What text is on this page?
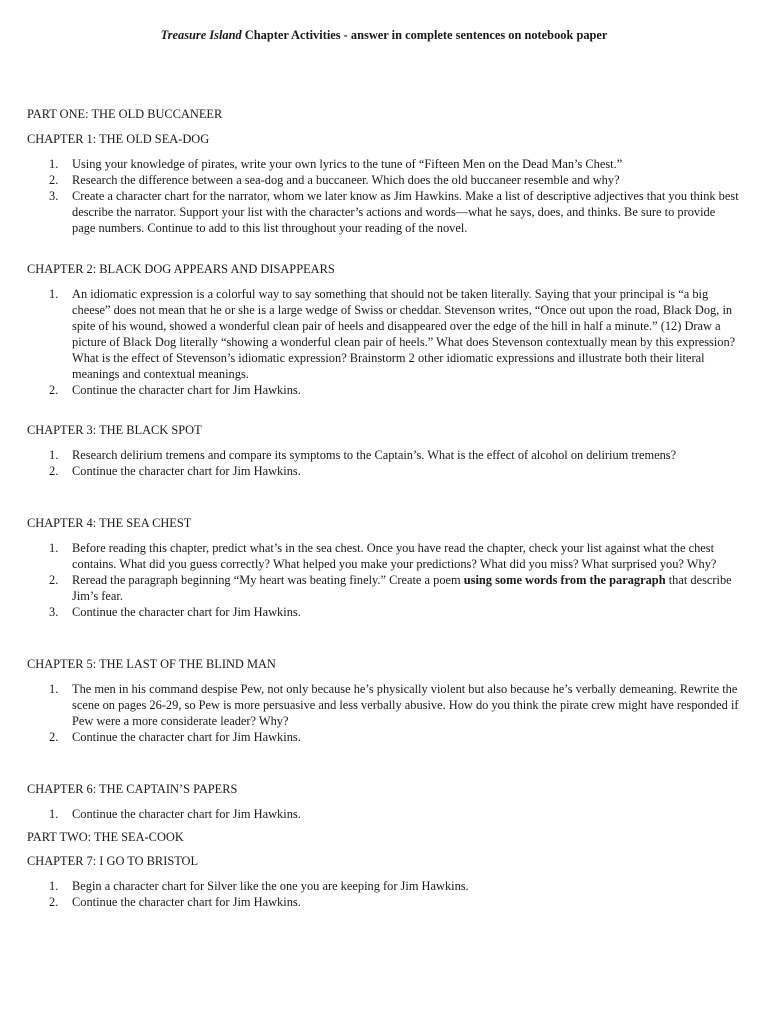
Treasure Island Chapter Activities - answer in complete sentences on notebook paper

PART ONE: THE OLD BUCCANEER

CHAPTER 1: THE OLD SEA-DOG

1. Using your knowledge of pirates, write your own lyrics to the tune of “Fifteen Men on the Dead Man’s Chest.”
2. Research the difference between a sea-dog and a buccaneer. Which does the old buccaneer resemble and why?
3. Create a character chart for the narrator, whom we later know as Jim Hawkins. Make a list of descriptive adjectives that you think best describe the narrator. Support your list with the character’s actions and words—what he says, does, and thinks. Be sure to provide page numbers. Continue to add to this list throughout your reading of the novel.

CHAPTER 2: BLACK DOG APPEARS AND DISAPPEARS

1. An idiomatic expression is a colorful way to say something that should not be taken literally. Saying that your principal is “a big cheese” does not mean that he or she is a large wedge of Swiss or cheddar. Stevenson writes, “Once out upon the road, Black Dog, in spite of his wound, showed a wonderful clean pair of heels and disappeared over the edge of the hill in half a minute.” (12) Draw a picture of Black Dog literally “showing a wonderful clean pair of heels.” What does Stevenson contextually mean by this expression? What is the effect of Stevenson’s idiomatic expression? Brainstorm 2 other idiomatic expressions and illustrate both their literal meanings and contextual meanings.
2. Continue the character chart for Jim Hawkins.

CHAPTER 3: THE BLACK SPOT

1. Research delirium tremens and compare its symptoms to the Captain’s. What is the effect of alcohol on delirium tremens?
2. Continue the character chart for Jim Hawkins.

CHAPTER 4: THE SEA CHEST

1. Before reading this chapter, predict what’s in the sea chest. Once you have read the chapter, check your list against what the chest contains. What did you guess correctly? What helped you make your predictions? What did you miss? What surprised you? Why?
2. Reread the paragraph beginning “My heart was beating finely.” Create a poem using some words from the paragraph that describe Jim’s fear.
3. Continue the character chart for Jim Hawkins.

CHAPTER 5: THE LAST OF THE BLIND MAN

1. The men in his command despise Pew, not only because he’s physically violent but also because he’s verbally demeaning. Rewrite the scene on pages 26-29, so Pew is more persuasive and less verbally abusive. How do you think the pirate crew might have responded if Pew were a more considerate leader? Why?
2. Continue the character chart for Jim Hawkins.

CHAPTER 6: THE CAPTAIN’S PAPERS

1. Continue the character chart for Jim Hawkins.

PART TWO: THE SEA-COOK

CHAPTER 7: I GO TO BRISTOL

1. Begin a character chart for Silver like the one you are keeping for Jim Hawkins.
2. Continue the character chart for Jim Hawkins.
